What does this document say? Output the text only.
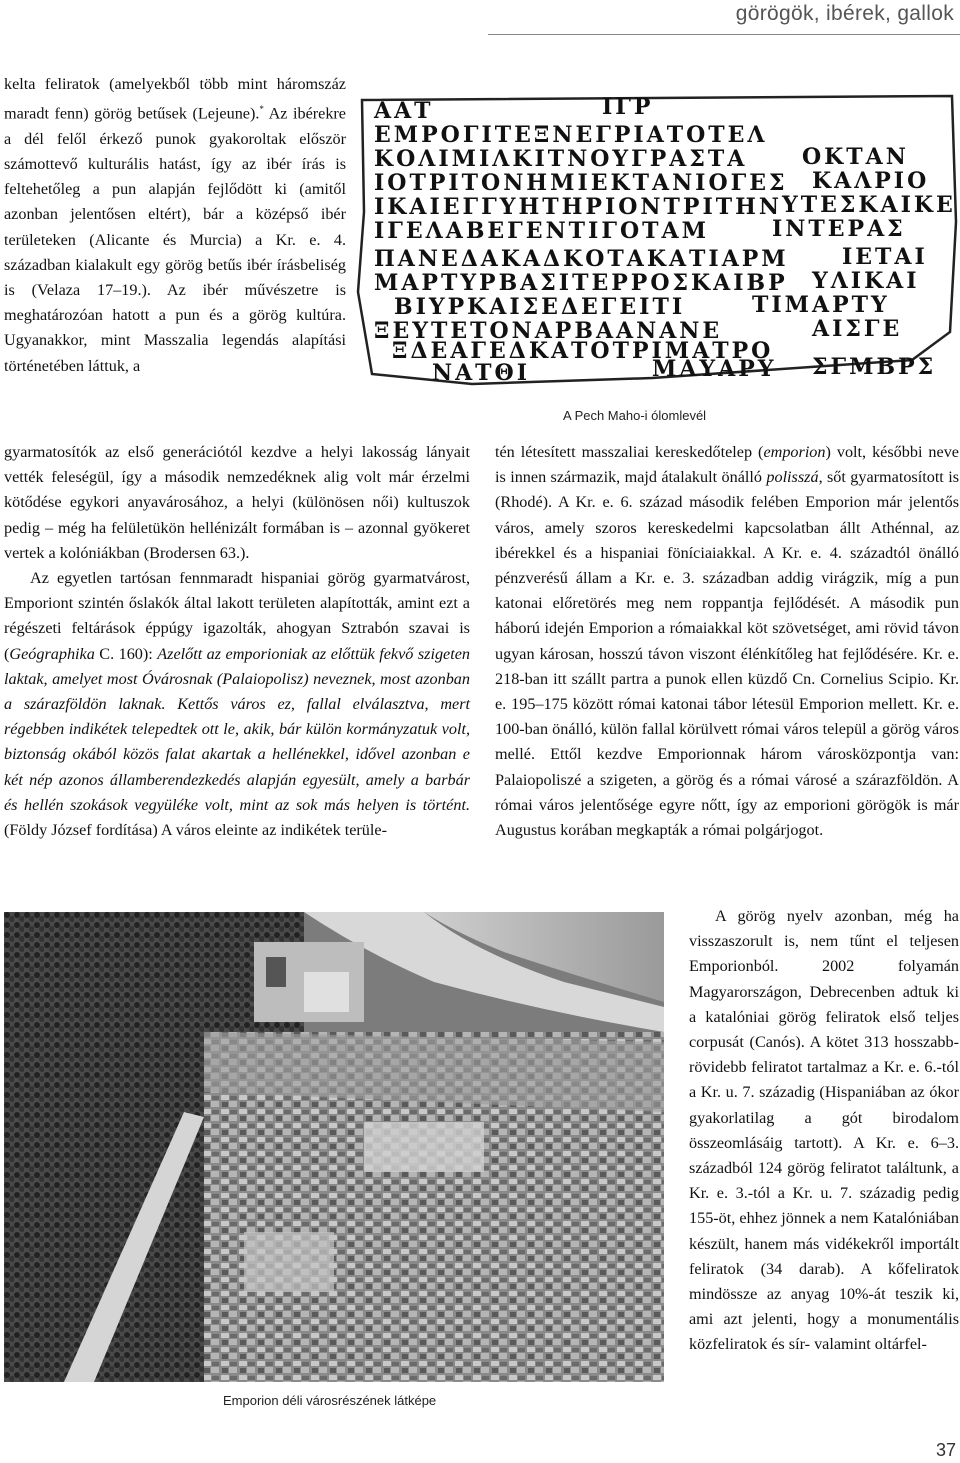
görögök, ibérek, gallok

kelta feliratok (amelyekből több mint háromszáz maradt fenn) görög betűsek (Lejeune).* Az ibérekre a dél felől érkező punok gyakoroltak először számottevő kulturális hatást, így az ibér írás is feltehetőleg a pun alapján fejlődött ki (amitől azonban jelentősen eltért), bár a középső ibér területeken (Alicante és Murcia) a Kr. e. 4. században kialakult egy görög betűs ibér írásbeliség is (Velaza 17–19.). Az ibér művészetre is meghatározóan hatott a pun és a görög kultúra. Ugyanakkor, mint Masszalia legendás alapítási történetében láttuk, a

ΑΑΤ	ΙΓΡ
ΕΜΡΟΓΙΤΕΞΝΕΓΡΙΑΤΟΤΕΛ
ΚΟΛΙΜΙΛΚΙΤΝΟΥΓΡΑΣΤΑ ΟΚΤΑΝ
ΙΟΤΡΙΤΟΝΗΜΙΕΚΤΑΝΙΟΓΕΣ ΚΑΛΡΙΟ
ΙΚΑΙΕΓΓΥΗΤΗΡΙΟΝΤΡΙΤΗΝ ΥΤΕΣΚΑΙΚΕ
ΙΓΕΛΑΒΕΓΕΝΤΙΓΟΤΑΜ	ΙΝΤΕΡΑΣ
ΠΑΝΕΔΑΚΑΔΚΟΤΑΚΑΤΙΑΡΜ ΙΕΤΑΙ
ΜΑΡΤΥΡΒΑΣΙΤΕΡΡΟΣΚΑΙΒΡ ΥΛΙΚΑΙ
ΒΙΥΡΚΑΙΣΕΔΕΓΕΙΤΙ	ΤΙΜΑΡΤΥ
ΞΕΥΤΕΤΟΝΑΡΒΑΑΝΑΝΕ	ΑΙΣΓΕ
ΞΔΕΑΓΕΔΚΑΤΟΤΡΙΜΑΤΡΟ
ΝΑΤΘΙ	ΜΑΥΑΡΥ ΣΓΜΒΡΣ
A Pech Maho-i ólomlevél

gyarmatosítók az első generációtól kezdve a helyi lakosság lányait vették feleségül, így a második nemzedéknek alig volt már érzelmi kötődése egykori anyavárosához, a helyi (különösen női) kultuszok pedig – még ha felületükön hellénizált formában is – azonnal gyökeret vertek a kolóniákban (Brodersen 63.).

Az egyetlen tartósan fennmaradt hispaniai görög gyarmatvárost, Emporiont szintén őslakók által lakott területen alapították, amint ezt a régészeti feltárások éppúgy igazolták, ahogyan Sztrabón szavai is (Geógraphika C. 160): Azelőtt az emporioniak az előttük fekvő szigeten laktak, amelyet most Óvárosnak (Palaiopolisz) neveznek, most azonban a szárazföldön laknak. Kettős város ez, fallal elválasztva, mert régebben indikétek telepedtek ott le, akik, bár külön kormányzatuk volt, biztonság okából közös falat akartak a hellénekkel, idővel azonban e két nép azonos államberendezkedés alapján egyesült, amely a barbár és hellén szokások vegyüléke volt, mint az sok más helyen is történt. (Földy József fordítása) A város eleinte az indikétek terüle-

tén létesített masszaliai kereskedőtelep (emporion) volt, későbbi neve is innen származik, majd átalakult önálló polisszá, sőt gyarmatosított is (Rhodé). A Kr. e. 6. század második felében Emporion már jelentős város, amely szoros kereskedelmi kapcsolatban állt Athénnal, az ibérekkel és a hispaniai föníciaiakkal. A Kr. e. 4. századtól önálló pénzverésű állam a Kr. e. 3. században addig virágzik, míg a pun katonai előretörés meg nem roppantja fejlődését. A második pun háború idején Emporion a rómaiakkal köt szövetséget, ami rövid távon ugyan károsan, hosszú távon viszont élénkítőleg hat fejlődésére. Kr. e. 218-ban itt szállt partra a punok ellen küzdő Cn. Cornelius Scipio. Kr. e. 195–175 között római katonai tábor létesül Emporion mellett. Kr. e. 100-ban önálló, külön fallal körülvett római város települ a görög város mellé. Ettől kezdve Emporionnak három városközpontja van: Palaiopoliszé a szigeten, a görög és a római városé a szárazföldön. A római város jelentősége egyre nőtt, így az emporioni görögök is már Augustus korában megkapták a római polgárjogot.

Emporion déli városrészének látképe

A görög nyelv azonban, még ha visszaszorult is, nem tűnt el teljesen Emporionból. 2002 folyamán Magyarországon, Debrecenben adtuk ki a katalóniai görög feliratok első teljes corpusát (Canós). A kötet 313 hosszabb-rövidebb feliratot tartalmaz a Kr. e. 6.-tól a Kr. u. 7. századig (Hispaniában az ókor gyakorlatilag a gót birodalom összeomlásáig tartott). A Kr. e. 6–3. századból 124 görög feliratot találtunk, a Kr. e. 3.-tól a Kr. u. 7. századig pedig 155-öt, ehhez jönnek a nem Katalóniában készült, hanem más vidékekről importált feliratok (34 darab). A kőfeliratok mindössze az anyag 10%-át teszik ki, ami azt jelenti, hogy a monumentális közfeliratok és sír- valamint oltárfel-

37
